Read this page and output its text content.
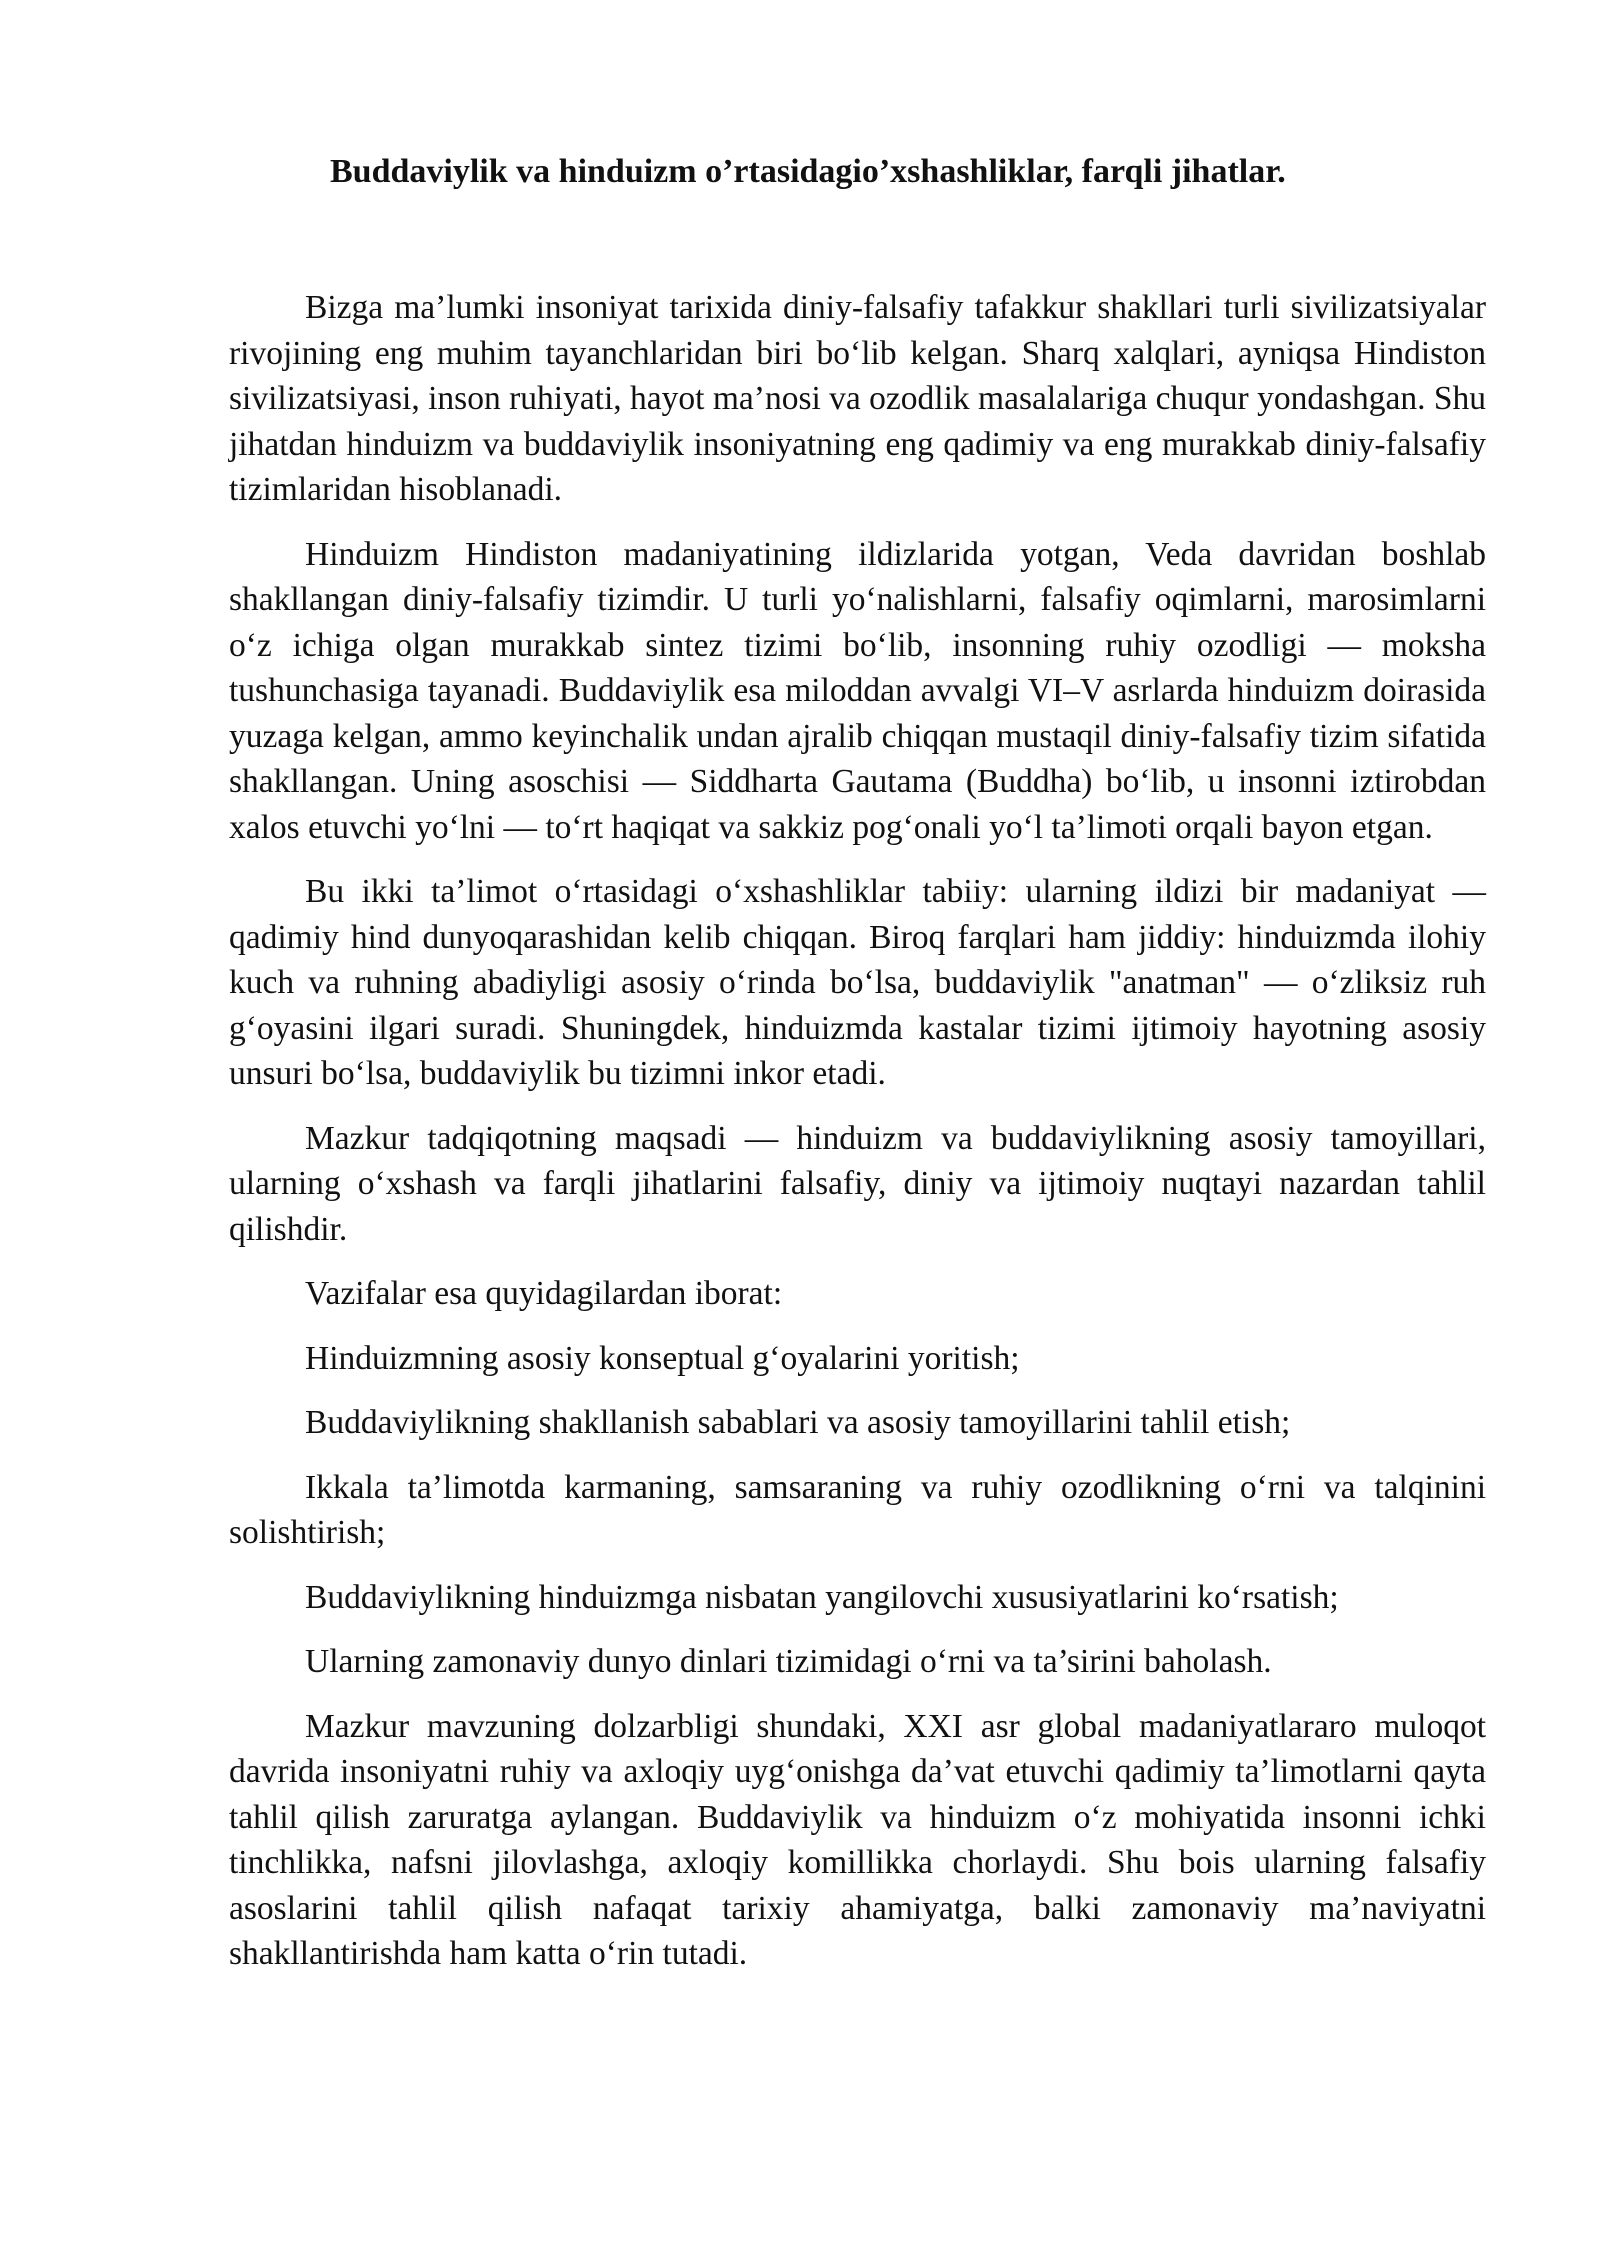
Buddaviylik va hinduizm o’rtasidagio’xshashliklar, farqli jihatlar.

Bizga ma’lumki insoniyat tarixida diniy-falsafiy tafakkur shakllari turli sivilizatsiyalar rivojining eng muhim tayanchlaridan biri bo‘lib kelgan. Sharq xalqlari, ayniqsa Hindiston sivilizatsiyasi, inson ruhiyati, hayot ma’nosi va ozodlik masalalariga chuqur yondashgan. Shu jihatdan hinduizm va buddaviylik insoniyatning eng qadimiy va eng murakkab diniy-falsafiy tizimlaridan hisoblanadi.

Hinduizm Hindiston madaniyatining ildizlarida yotgan, Veda davridan boshlab shakllangan diniy-falsafiy tizimdir. U turli yo‘nalishlarni, falsafiy oqimlarni, marosimlarni o‘z ichiga olgan murakkab sintez tizimi bo‘lib, insonning ruhiy ozodligi — moksha tushunchasiga tayanadi. Buddaviylik esa miloddan avvalgi VI–V asrlarda hinduizm doirasida yuzaga kelgan, ammo keyinchalik undan ajralib chiqqan mustaqil diniy-falsafiy tizim sifatida shakllangan. Uning asoschisi — Siddharta Gautama (Buddha) bo‘lib, u insonni iztirobdan xalos etuvchi yo‘lni — to‘rt haqiqat va sakkiz pog‘onali yo‘l ta’limoti orqali bayon etgan.

Bu ikki ta’limot o‘rtasidagi o‘xshashliklar tabiiy: ularning ildizi bir madaniyat — qadimiy hind dunyoqarashidan kelib chiqqan. Biroq farqlari ham jiddiy: hinduizmda ilohiy kuch va ruhning abadiyligi asosiy o‘rinda bo‘lsa, buddaviylik "anatman" — o‘zliksiz ruh g‘oyasini ilgari suradi. Shuningdek, hinduizmda kastalar tizimi ijtimoiy hayotning asosiy unsuri bo‘lsa, buddaviylik bu tizimni inkor etadi.

Mazkur tadqiqotning maqsadi — hinduizm va buddaviylikning asosiy tamoyillari, ularning o‘xshash va farqli jihatlarini falsafiy, diniy va ijtimoiy nuqtayi nazardan tahlil qilishdir.

Vazifalar esa quyidagilardan iborat:

Hinduizmning asosiy konseptual g‘oyalarini yoritish;

Buddaviylikning shakllanish sabablari va asosiy tamoyillarini tahlil etish;

Ikkala ta’limotda karmaning, samsaraning va ruhiy ozodlikning o‘rni va talqinini solishtirish;

Buddaviylikning hinduizmga nisbatan yangilovchi xususiyatlarini ko‘rsatish;

Ularning zamonaviy dunyo dinlari tizimidagi o‘rni va ta’sirini baholash.

Mazkur mavzuning dolzarbligi shundaki, XXI asr global madaniyatlararo muloqot davrida insoniyatni ruhiy va axloqiy uyg‘onishga da’vat etuvchi qadimiy ta’limotlarni qayta tahlil qilish zaruratga aylangan. Buddaviylik va hinduizm o‘z mohiyatida insonni ichki tinchlikka, nafsni jilovlashga, axloqiy komillikka chorlaydi. Shu bois ularning falsafiy asoslarini tahlil qilish nafaqat tarixiy ahamiyatga, balki zamonaviy ma’naviyatni shakllantirishda ham katta o‘rin tutadi.
